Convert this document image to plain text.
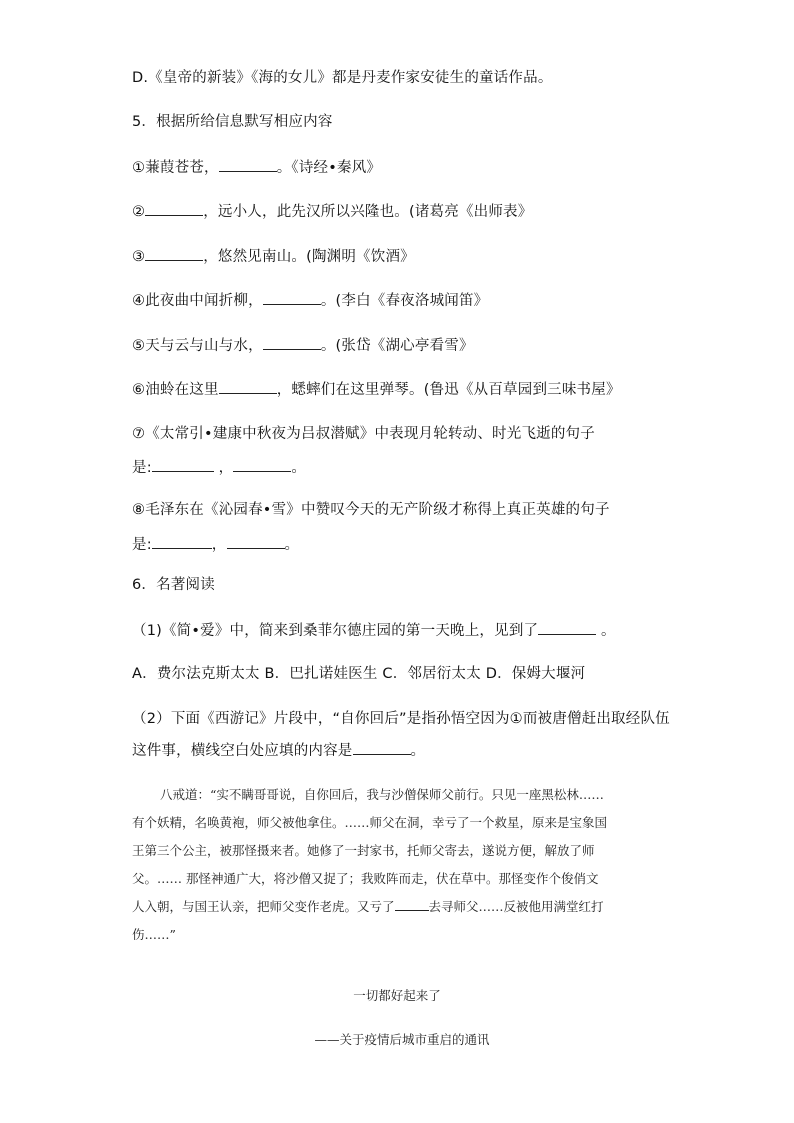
D.《皇帝的新装》《海的女儿》都是丹麦作家安徒生的童话作品。
5．根据所给信息默写相应内容
①蒹葭苍苍，	。《诗经•秦风》
②	，远小人，此先汉所以兴隆也。(诸葛亮《出师表》
③	，悠然见南山。(陶渊明《饮酒》
④此夜曲中闻折柳，	。(李白《春夜洛城闻笛》
⑤天与云与山与水，	。(张岱《湖心亭看雪》
⑥油蛉在这里	，蟋蟀们在这里弹琴。(鲁迅《从百草园到三味书屋》
⑦《太常引•建康中秋夜为吕叔潜赋》中表现月轮转动、时光飞逝的句子
是:	，	。
⑧毛泽东在《沁园春•雪》中赞叹今天的无产阶级才称得上真正英雄的句子
是:	，	。
6．名著阅读
（1)《简•爱》中，简来到桑菲尔德庄园的第一天晚上，见到了	。
A．费尔法克斯太太 B．巴扎诺娃医生 C．邻居衍太太 D．保姆大堰河
（2）下面《西游记》片段中，“自你回后”是指孙悟空因为①而被唐僧赶出取经队伍
这件事，横线空白处应填的内容是	。
八戒道：“实不瞒哥哥说，自你回后，我与沙僧保师父前行。只见一座黑松林……
有个妖精，名唤黄袍，师父被他拿住。……师父在洞，幸亏了一个救星，原来是宝象国
王第三个公主，被那怪摄来者。她修了一封家书，托师父寄去，遂说方便，解放了师
父。…… 那怪神通广大，将沙僧又捉了；我败阵而走，伏在草中。那怪变作个俊俏文
人入朝，与国王认亲，把师父变作老虎。又亏了	去寻师父……反被他用满堂红打
伤……”
一切都好起来了
——关于疫情后城市重启的通讯
